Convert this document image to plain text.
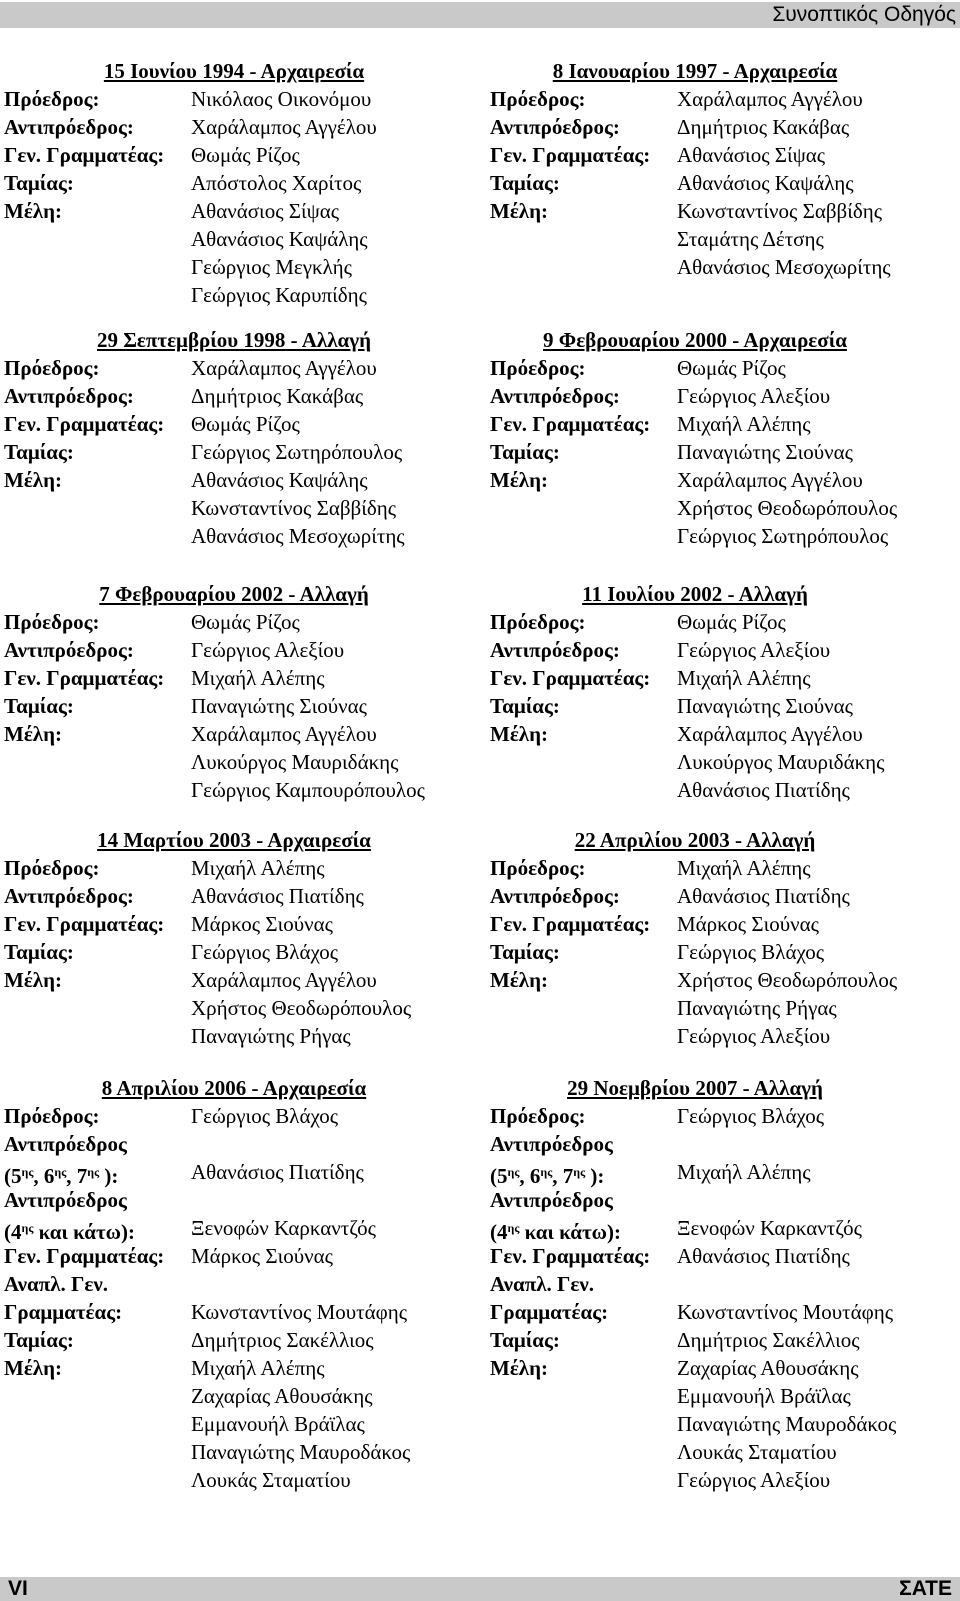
Συνοπτικός Οδηγός
15 Ιουνίου 1994 - Αρχαιρεσία
Πρόεδρος:	Νικόλαος Οικονόμου
Αντιπρόεδρος:	Χαράλαμπος Αγγέλου
Γεν. Γραμματέας:	Θωμάς Ρίζος
Ταμίας:	Απόστολος Χαρίτος
Μέλη:	Αθανάσιος Σίψας
Αθανάσιος Καψάλης
Γεώργιος Μεγκλής
Γεώργιος Καρυπίδης
8 Ιανουαρίου 1997 - Αρχαιρεσία
Πρόεδρος:	Χαράλαμπος Αγγέλου
Αντιπρόεδρος:	Δημήτριος Κακάβας
Γεν. Γραμματέας:	Αθανάσιος Σίψας
Ταμίας:	Αθανάσιος Καψάλης
Μέλη:	Κωνσταντίνος Σαββίδης
Σταμάτης Δέτσης
Αθανάσιος Μεσοχωρίτης
29 Σεπτεμβρίου 1998 - Αλλαγή
Πρόεδρος:	Χαράλαμπος Αγγέλου
Αντιπρόεδρος:	Δημήτριος Κακάβας
Γεν. Γραμματέας:	Θωμάς Ρίζος
Ταμίας:	Γεώργιος Σωτηρόπουλος
Μέλη:	Αθανάσιος Καψάλης
Κωνσταντίνος Σαββίδης
Αθανάσιος Μεσοχωρίτης
9 Φεβρουαρίου 2000 - Αρχαιρεσία
Πρόεδρος:	Θωμάς Ρίζος
Αντιπρόεδρος:	Γεώργιος Αλεξίου
Γεν. Γραμματέας:	Μιχαήλ Αλέπης
Ταμίας:	Παναγιώτης Σιούνας
Μέλη:	Χαράλαμπος Αγγέλου
Χρήστος Θεοδωρόπουλος
Γεώργιος Σωτηρόπουλος
7 Φεβρουαρίου 2002 - Αλλαγή
Πρόεδρος:	Θωμάς Ρίζος
Αντιπρόεδρος:	Γεώργιος Αλεξίου
Γεν. Γραμματέας:	Μιχαήλ Αλέπης
Ταμίας:	Παναγιώτης Σιούνας
Μέλη:	Χαράλαμπος Αγγέλου
Λυκούργος Μαυριδάκης
Γεώργιος Καμπουρόπουλος
11 Ιουλίου 2002 - Αλλαγή
Πρόεδρος:	Θωμάς Ρίζος
Αντιπρόεδρος:	Γεώργιος Αλεξίου
Γεν. Γραμματέας:	Μιχαήλ Αλέπης
Ταμίας:	Παναγιώτης Σιούνας
Μέλη:	Χαράλαμπος Αγγέλου
Λυκούργος Μαυριδάκης
Αθανάσιος Πιατίδης
14 Μαρτίου 2003 - Αρχαιρεσία
Πρόεδρος:	Μιχαήλ Αλέπης
Αντιπρόεδρος:	Αθανάσιος Πιατίδης
Γεν. Γραμματέας:	Μάρκος Σιούνας
Ταμίας:	Γεώργιος Βλάχος
Μέλη:	Χαράλαμπος Αγγέλου
Χρήστος Θεοδωρόπουλος
Παναγιώτης Ρήγας
22 Απριλίου 2003 - Αλλαγή
Πρόεδρος:	Μιχαήλ Αλέπης
Αντιπρόεδρος:	Αθανάσιος Πιατίδης
Γεν. Γραμματέας:	Μάρκος Σιούνας
Ταμίας:	Γεώργιος Βλάχος
Μέλη:	Χρήστος Θεοδωρόπουλος
Παναγιώτης Ρήγας
Γεώργιος Αλεξίου
8 Απριλίου 2006 - Αρχαιρεσία
Πρόεδρος:	Γεώργιος Βλάχος
Αντιπρόεδρος
($5^{\eta\varsigma}$, $6^{\eta\varsigma}$, $7^{\eta\varsigma}$ ):	Αθανάσιος Πιατίδης
Αντιπρόεδρος
($4^{\eta\varsigma}$ και κάτω):	Ξενοφών Καρκαντζός
Γεν. Γραμματέας:	Μάρκος Σιούνας
Αναπλ. Γεν.
Γραμματέας:	Κωνσταντίνος Μουτάφης
Ταμίας:	Δημήτριος Σακέλλιος
Μέλη:	Μιχαήλ Αλέπης
Ζαχαρίας Αθουσάκης
Εμμανουήλ Βράϊλας
Παναγιώτης Μαυροδάκος
Λουκάς Σταματίου
29 Νοεμβρίου 2007 - Αλλαγή
Πρόεδρος:	Γεώργιος Βλάχος
Αντιπρόεδρος
($5^{\eta\varsigma}$, $6^{\eta\varsigma}$, $7^{\eta\varsigma}$ ):	Μιχαήλ Αλέπης
Αντιπρόεδρος
($4^{\eta\varsigma}$ και κάτω):	Ξενοφών Καρκαντζός
Γεν. Γραμματέας:	Αθανάσιος Πιατίδης
Αναπλ. Γεν.
Γραμματέας:	Κωνσταντίνος Μουτάφης
Ταμίας:	Δημήτριος Σακέλλιος
Μέλη:	Ζαχαρίας Αθουσάκης
Εμμανουήλ Βράϊλας
Παναγιώτης Μαυροδάκος
Λουκάς Σταματίου
Γεώργιος Αλεξίου
VI	ΣΑΤΕ
